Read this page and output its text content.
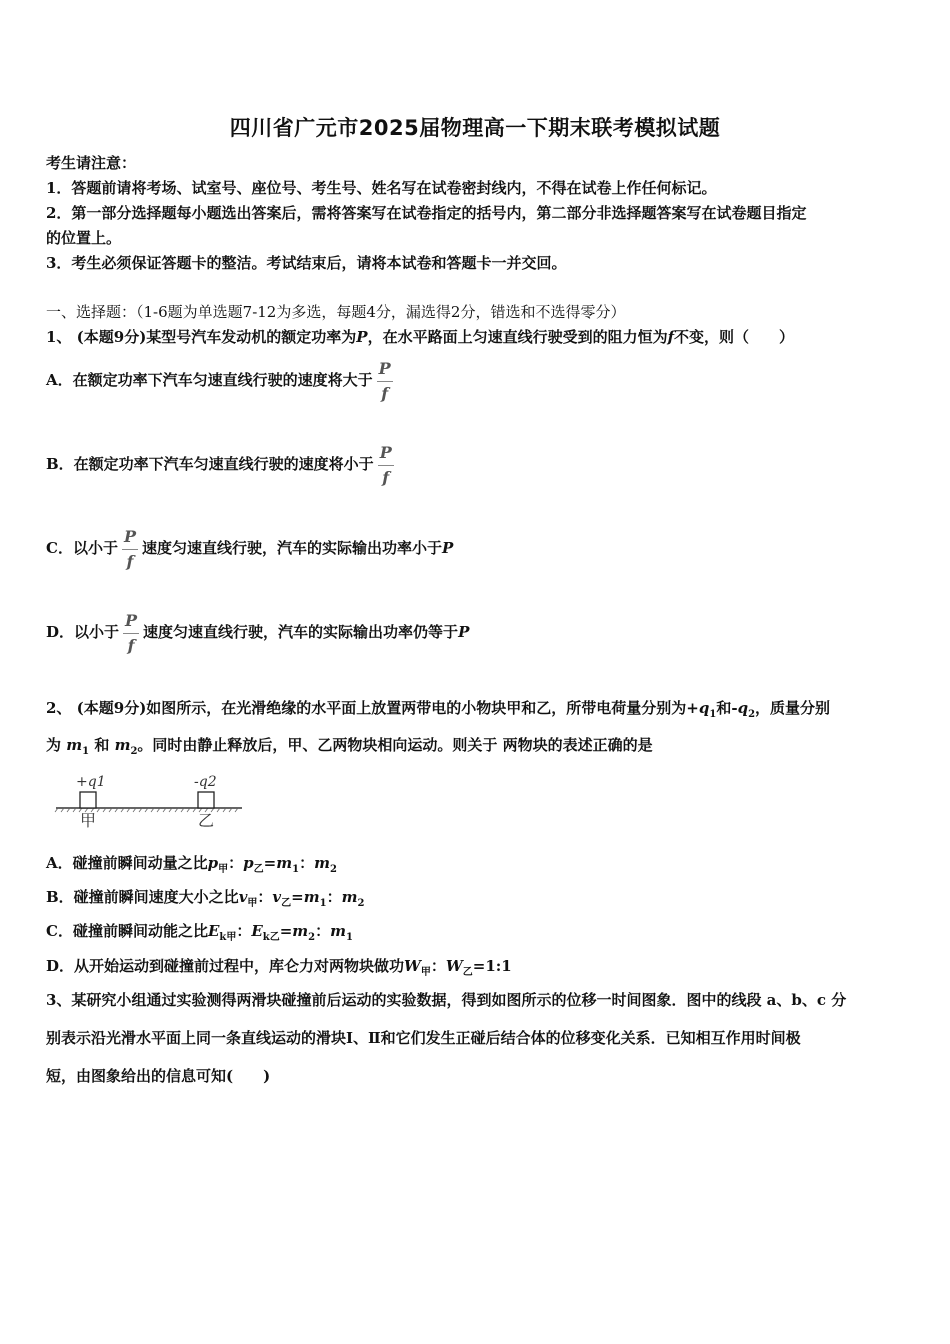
四川省广元市2025届物理高一下期末联考模拟试题
考生请注意：
1．答题前请将考场、试室号、座位号、考生号、姓名写在试卷密封线内，不得在试卷上作任何标记。
2．第一部分选择题每小题选出答案后，需将答案写在试卷指定的括号内，第二部分非选择题答案写在试卷题目指定
的位置上。
3．考生必须保证答题卡的整洁。考试结束后，请将本试卷和答题卡一并交回。
一、选择题：（1-6题为单选题7-12为多选，每题4分，漏选得2分，错选和不选得零分）
1、 (本题9分)某型号汽车发动机的额定功率为P，在水平路面上匀速直线行驶受到的阻力恒为f不变，则（　　）
A．在额定功率下汽车匀速直线行驶的速度将大于 $\frac{P}{f}$
B．在额定功率下汽车匀速直线行驶的速度将小于 $\frac{P}{f}$
C．以小于 $\frac{P}{f}$ 速度匀速直线行驶，汽车的实际输出功率小于P
D．以小于 $\frac{P}{f}$ 速度匀速直线行驶，汽车的实际输出功率仍等于P
2、 (本题9分)如图所示，在光滑绝缘的水平面上放置两带电的小物块甲和乙，所带电荷量分别为$+q_1$和$-q_2$，质量分别
为 $m_1$ 和 $m_2$。同时由静止释放后，甲、乙两物块相向运动。则关于 两物块的表述正确的是
+q1	-q2
甲	乙
A．碰撞前瞬间动量之比$p_甲$：$p_乙=m_1$：$m_2$
B．碰撞前瞬间速度大小之比$v_甲$：$v_乙=m_1$：$m_2$
C．碰撞前瞬间动能之比$E_{k甲}$：$E_{k乙}=m_2$：$m_1$
D．从开始运动到碰撞前过程中，库仑力对两物块做功$W_甲$：$W_乙=1:1$
3、某研究小组通过实验测得两滑块碰撞前后运动的实验数据，得到如图所示的位移一时间图象．图中的线段 a、b、c 分
别表示沿光滑水平面上同一条直线运动的滑块Ⅰ、Ⅱ和它们发生正碰后结合体的位移变化关系．已知相互作用时间极
短，由图象给出的信息可知(　　)
